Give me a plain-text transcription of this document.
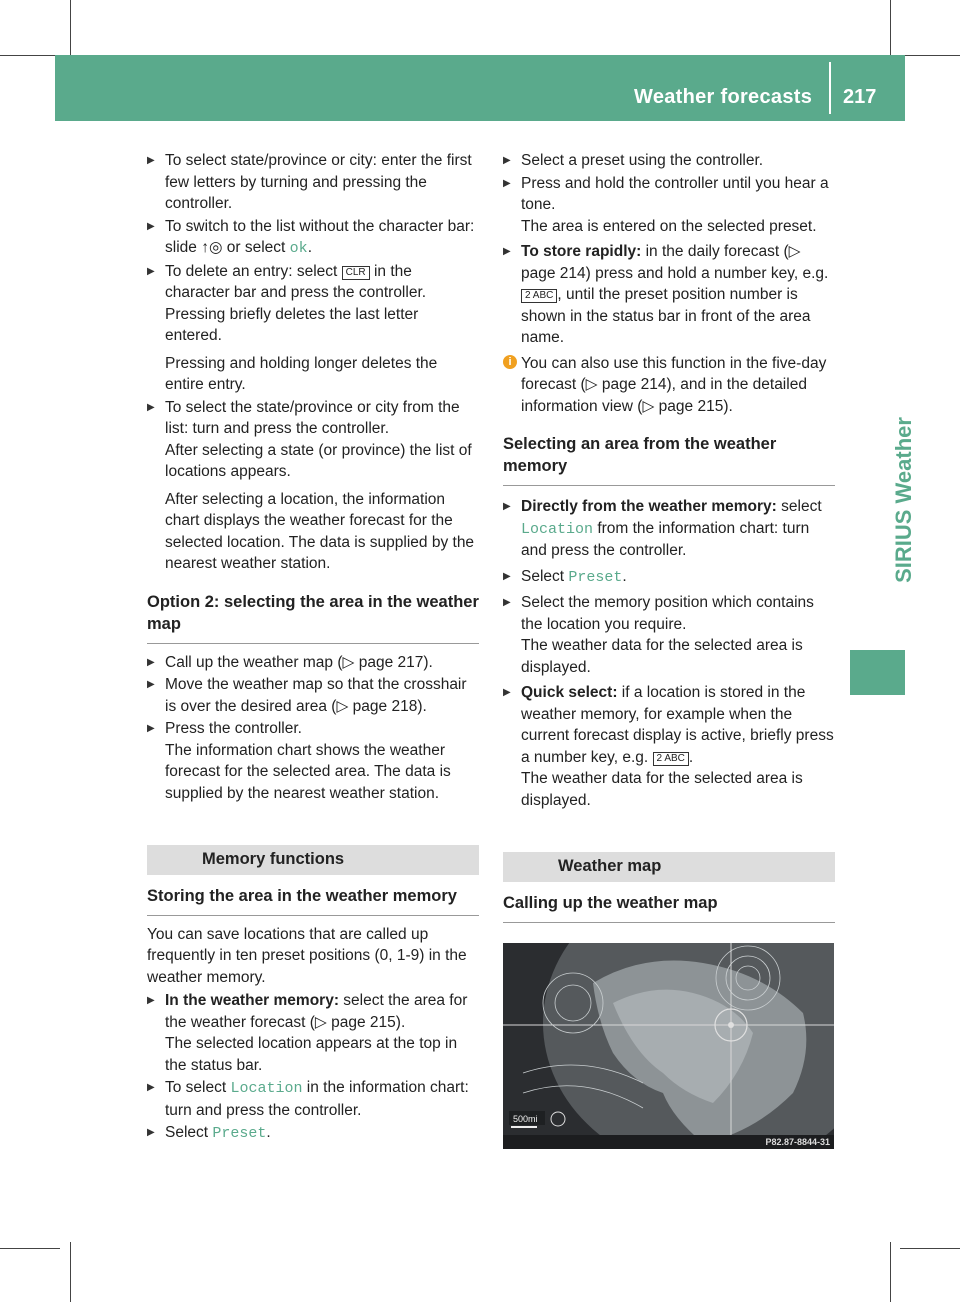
Weather forecasts 217
SIRIUS Weather

▶ To select state/province or city: enter the first few letters by turning and pressing the controller.

▶ To switch to the list without the character bar: slide ↑◎ or select ok.

▶ To delete an entry: select CLR in the character bar and press the controller.

Pressing briefly deletes the last letter entered.

Pressing and holding longer deletes the entire entry.

▶ To select the state/province or city from the list: turn and press the controller.

After selecting a state (or province) the list of locations appears.

After selecting a location, the information chart displays the weather forecast for the selected location. The data is supplied by the nearest weather station.

Option 2: selecting the area in the weather map

▶ Call up the weather map (▷ page 217).

▶ Move the weather map so that the crosshair is over the desired area (▷ page 218).

▶ Press the controller.

The information chart shows the weather forecast for the selected area. The data is supplied by the nearest weather station.

Memory functions
Storing the area in the weather memory

You can save locations that are called up frequently in ten preset positions (0, 1-9) in the weather memory.

▶ In the weather memory: select the area for the weather forecast (▷ page 215).

The selected location appears at the top in the status bar.

▶ To select Location in the information chart: turn and press the controller.

▶ Select Preset.

▶ Select a preset using the controller.

▶ Press and hold the controller until you hear a tone.

The area is entered on the selected preset.

▶ To store rapidly: in the daily forecast (▷ page 214) press and hold a number key, e.g. 2 ABC , until the preset position number is shown in the status bar in front of the area name.

i You can also use this function in the five-day forecast (▷ page 214), and in the detailed information view (▷ page 215).

Selecting an area from the weather memory

▶ Directly from the weather memory: select Location from the information chart: turn and press the controller.

▶ Select Preset.

▶ Select the memory position which contains the location you require.

The weather data for the selected area is displayed.

▶ Quick select: if a location is stored in the weather memory, for example when the current forecast display is active, briefly press a number key, e.g. 2 ABC .

The weather data for the selected area is displayed.

Weather map
Calling up the weather map
500mi
P82.87-8844-31
